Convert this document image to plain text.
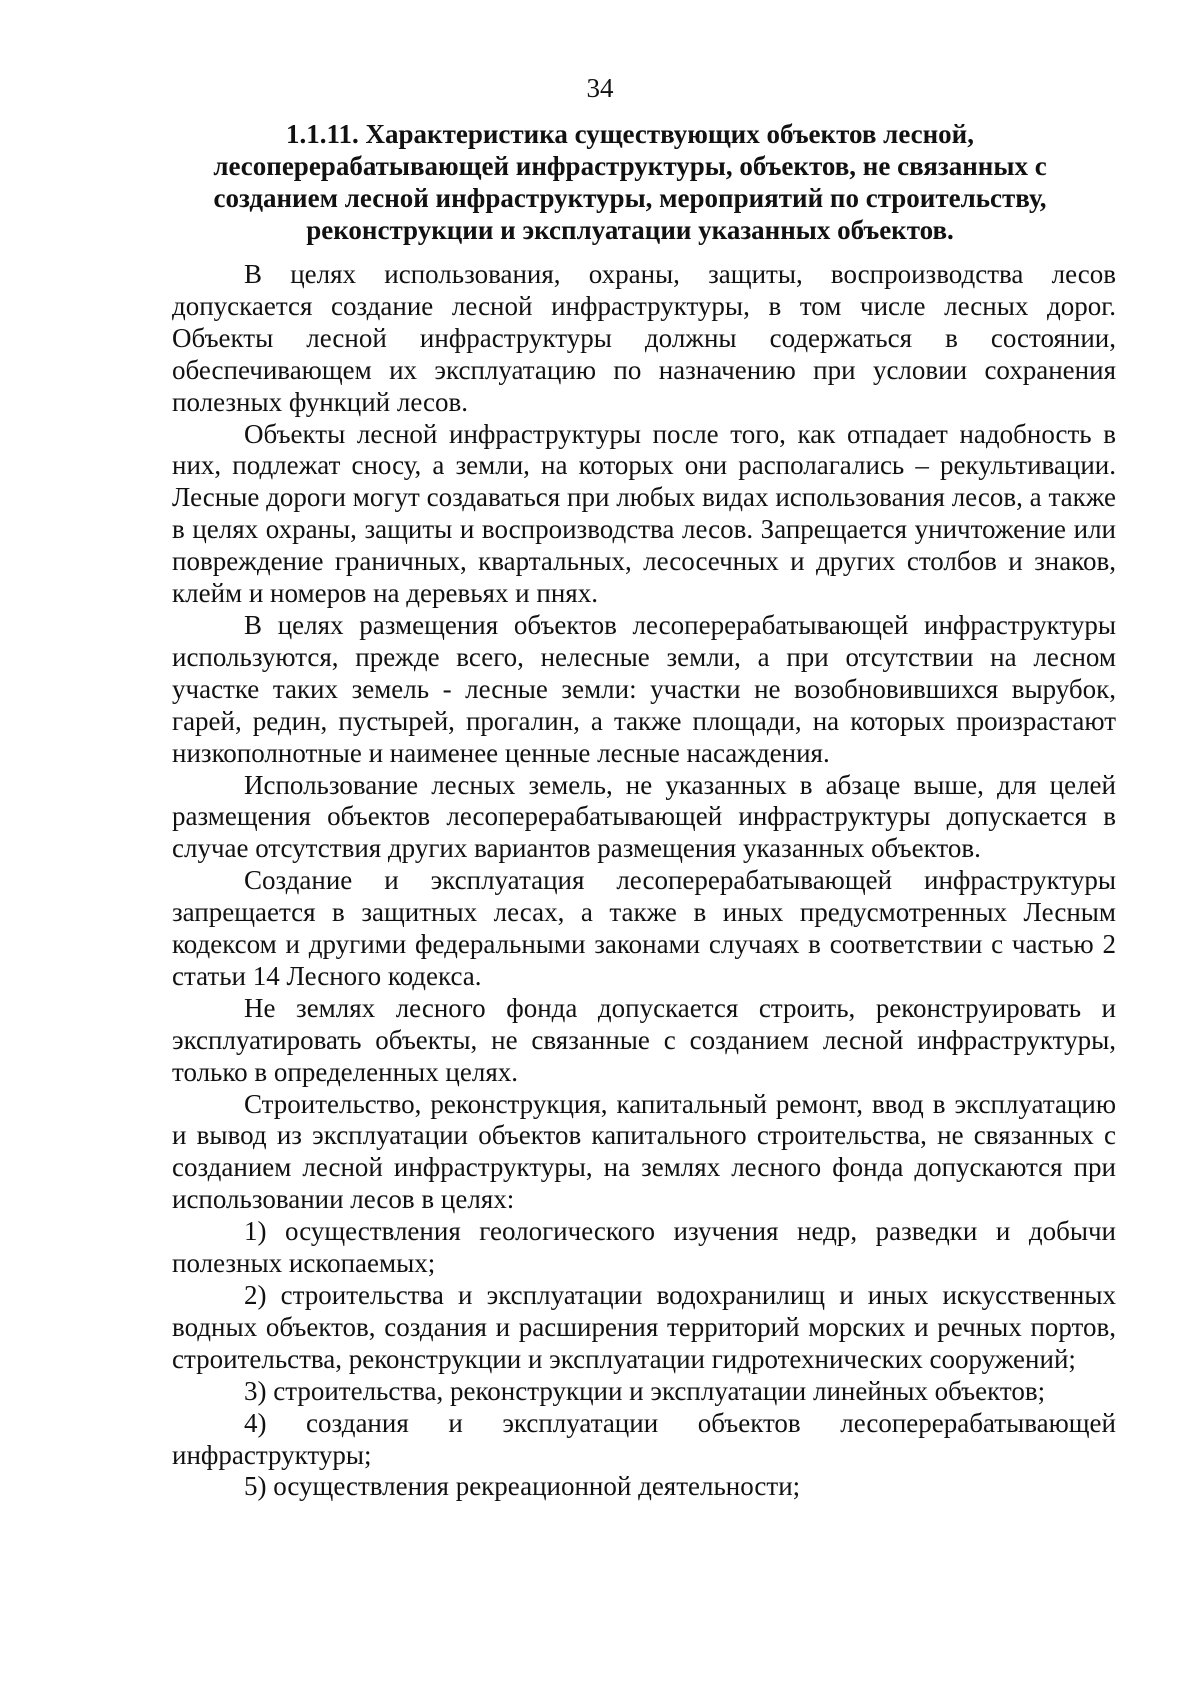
34
1.1.11. Характеристика существующих объектов лесной,
лесоперерабатывающей инфраструктуры, объектов, не связанных с
созданием лесной инфраструктуры, мероприятий по строительству,
реконструкции и эксплуатации указанных объектов.

В целях использования, охраны, защиты, воспроизводства лесов допускается создание лесной инфраструктуры, в том числе лесных дорог. Объекты лесной инфраструктуры должны содержаться в состоянии, обеспечивающем их эксплуатацию по назначению при условии сохранения полезных функций лесов.

Объекты лесной инфраструктуры после того, как отпадает надобность в них, подлежат сносу, а земли, на которых они располагались – рекультивации. Лесные дороги могут создаваться при любых видах использования лесов, а также в целях охраны, защиты и воспроизводства лесов. Запрещается уничтожение или повреждение граничных, квартальных, лесосечных и других столбов и знаков, клейм и номеров на деревьях и пнях.

В целях размещения объектов лесоперерабатывающей инфраструктуры используются, прежде всего, нелесные земли, а при отсутствии на лесном участке таких земель - лесные земли: участки не возобновившихся вырубок, гарей, редин, пустырей, прогалин, а также площади, на которых произрастают низкополнотные и наименее ценные лесные насаждения.

Использование лесных земель, не указанных в абзаце выше, для целей размещения объектов лесоперерабатывающей инфраструктуры допускается в случае отсутствия других вариантов размещения указанных объектов.

Создание и эксплуатация лесоперерабатывающей инфраструктуры запрещается в защитных лесах, а также в иных предусмотренных Лесным кодексом и другими федеральными законами случаях в соответствии с частью 2 статьи 14 Лесного кодекса.

Не землях лесного фонда допускается строить, реконструировать и эксплуатировать объекты, не связанные с созданием лесной инфраструктуры, только в определенных целях.

Строительство, реконструкция, капитальный ремонт, ввод в эксплуатацию и вывод из эксплуатации объектов капитального строительства, не связанных с созданием лесной инфраструктуры, на землях лесного фонда допускаются при использовании лесов в целях:

1) осуществления геологического изучения недр, разведки и добычи полезных ископаемых;

2) строительства и эксплуатации водохранилищ и иных искусственных водных объектов, создания и расширения территорий морских и речных портов, строительства, реконструкции и эксплуатации гидротехнических сооружений;

3) строительства, реконструкции и эксплуатации линейных объектов;

4) создания и эксплуатации объектов лесоперерабатывающей инфраструктуры;

5) осуществления рекреационной деятельности;
